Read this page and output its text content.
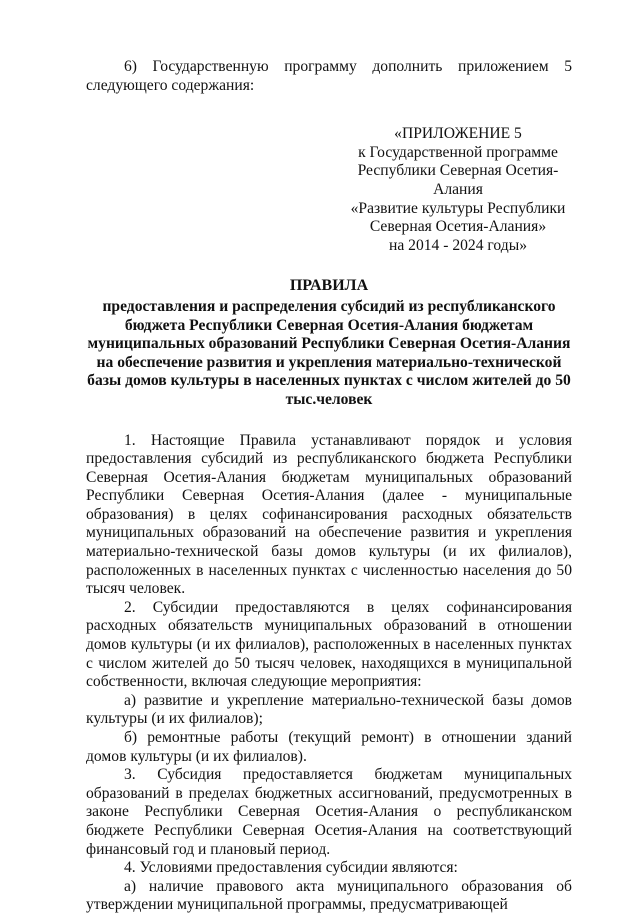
6) Государственную программу дополнить приложением 5 следующего содержания:

«ПРИЛОЖЕНИЕ 5
к Государственной программе
Республики Северная Осетия-Алания
«Развитие культуры Республики
Северная Осетия-Алания»
на 2014 - 2024 годы»
ПРАВИЛА
предоставления и распределения субсидий из республиканского бюджета Республики Северная Осетия-Алания бюджетам муниципальных образований Республики Северная Осетия-Алания на обеспечение развития и укрепления материально-технической базы домов культуры в населенных пунктах с числом жителей до 50 тыс.человек

1. Настоящие Правила устанавливают порядок и условия предоставления субсидий из республиканского бюджета Республики Северная Осетия-Алания бюджетам муниципальных образований Республики Северная Осетия-Алания (далее - муниципальные образования) в целях софинансирования расходных обязательств муниципальных образований на обеспечение развития и укрепления материально-технической базы домов культуры (и их филиалов), расположенных в населенных пунктах с численностью населения до 50 тысяч человек.

2. Субсидии предоставляются в целях софинансирования расходных обязательств муниципальных образований в отношении домов культуры (и их филиалов), расположенных в населенных пунктах с числом жителей до 50 тысяч человек, находящихся в муниципальной собственности, включая следующие мероприятия:

а) развитие и укрепление материально-технической базы домов культуры (и их филиалов);

б) ремонтные работы (текущий ремонт) в отношении зданий домов культуры (и их филиалов).

3. Субсидия предоставляется бюджетам муниципальных образований в пределах бюджетных ассигнований, предусмотренных в законе Республики Северная Осетия-Алания о республиканском бюджете Республики Северная Осетия-Алания на соответствующий финансовый год и плановый период.

4. Условиями предоставления субсидии являются:

а) наличие правового акта муниципального образования об утверждении муниципальной программы, предусматривающей
